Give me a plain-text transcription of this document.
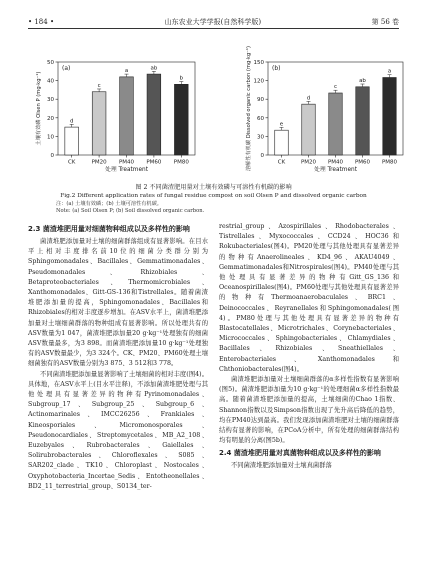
• 184 •	山东农业大学学报(自然科学版)	第 56 卷
(a)
0
10
20
30
40
50
d
CK
c
PM20
a
PM40
ab
PM60
b
PM80
处理 Treatment
土壤有效磷 Olsen P (mg·kg⁻¹)
(b)
0
30
60
90
120
150
e
CK
d
PM20
c
PM40
ab
PM60
a
PM80
处理 Treatment
溶解性有机碳 Dissolved organic carbon (mg·kg⁻¹)
图 2 不同菌渣肥用量对土壤有效磷与可溶性有机碳的影响
Fig.2 Different application rates of fungal residue compost on soil Olsen P and dissolved organic carbon
注：(a) 土壤有效磷；(b) 土壤可溶性有机碳。
Note: (a) Soil Olsen P; (b) Soil dissolved organic carbon.
2.3 菌渣堆肥用量对细菌物种组成以及多样性的影响

菌渣堆肥添加量对土壤的细菌群落组成有显著影响。在目水平上相对丰度排名前10位的细菌分类群分别为Sphingomonadales、Bacillales、Gemmatimonadales、Pseudomonadales、Rhizobiales、Betaproteobacteriales、Thermomicrobiales、Xanthomonadales、Gitt-GS-136和Tistrellales。随着菌渣堆肥添加量的提高，Sphingomonadales、Bacillales和Rhizobiales的相对丰度逐步增加。在ASV水平上，菌渣堆肥添加量对土壤细菌群落的物种组成有显著影响。所以处理共有的ASV数量为1 047，菌渣堆肥添加量20 g·kg⁻¹处理独有的细菌ASV数量最多，为3 898。而菌渣堆肥添加量10 g·kg⁻¹处理独有的ASV数量最少，为3 324个。CK、PM20、PM60处理土壤细菌独有的ASV数量分别为3 875、3 512和3 778。

不同菌渣堆肥添加量显著影响了土壤细菌的相对丰度(图4)。具体地，在ASV水平上(目水平注释)，不添加菌渣堆肥处理与其他处理具有显著差异的物种有Pyrinomonadales、Subgroup_17、Subgroup_25、Subgroup_6、Actinomarinales、IMCC26256、Frankiales、Kineosporiales、Micromonosporales、Pseudonocardiales、Streptomycetales、MB_A2_108、Euzebyales、Rubrobacterales、Gaiellales、Solirubrobacterales、Chloroflexales、S085、SAR202_clade、TK10、Chloroplast、Nostocales、Oxyphotobacteria_Incertae_Sedis、Entotheonellales、BD2_11_terrestrial_group、S0134_ter-

restrial_group、Azospirillales、Rhodobacterales、Tistrellales、Myxococcales、CCD24、HOC36和Rokubacteriales(图4)。PM20处理与其他处理具有显著差异的物种有Anaerolineales、KD4_96、AKAU4049、Gemmatimonadales和Nitrospirales(图4)。PM40处理与其他处理具有显著差异的物种有Gitt_GS_136和Oceanospirillales(图4)。PM60处理与其他处理具有显著差异的物种有Thermoanaerobaculales、BRC1、Deinococcales、Reyranellales和Sphingomonadales(图4)。PM80处理与其他处理具有显著差异的物种有Blastocatellales、Microtrichales、Corynebacteriales、Micrococcales、Sphingobacteriales、Chlamydiales、Bacillales、Rhizobiales、Sneathiellales、Enterobacteriales、Xanthomonadales和Chthoniobacterales(图4)。

菌渣堆肥添加量对土壤细菌群落的α多样性指数有显著影响(图5)。菌渣堆肥添加量为10 g·kg⁻¹的处理细菌α多样性指数最高。随着菌渣堆肥添加量的提高，土壤细菌的Chao 1指数、Shannon指数以及Simpson指数出现了先升高后降低的趋势，均在PM40达到最高。我们发现添加菌渣堆肥对土壤的细菌群落结构有显著的影响，在PCoA分析中，所有处理的细菌群落结构均有明显的分离(图5b)。

2.4 菌渣堆肥用量对真菌物种组成以及多样性的影响

不同菌渣堆肥添加量对土壤真菌群落
